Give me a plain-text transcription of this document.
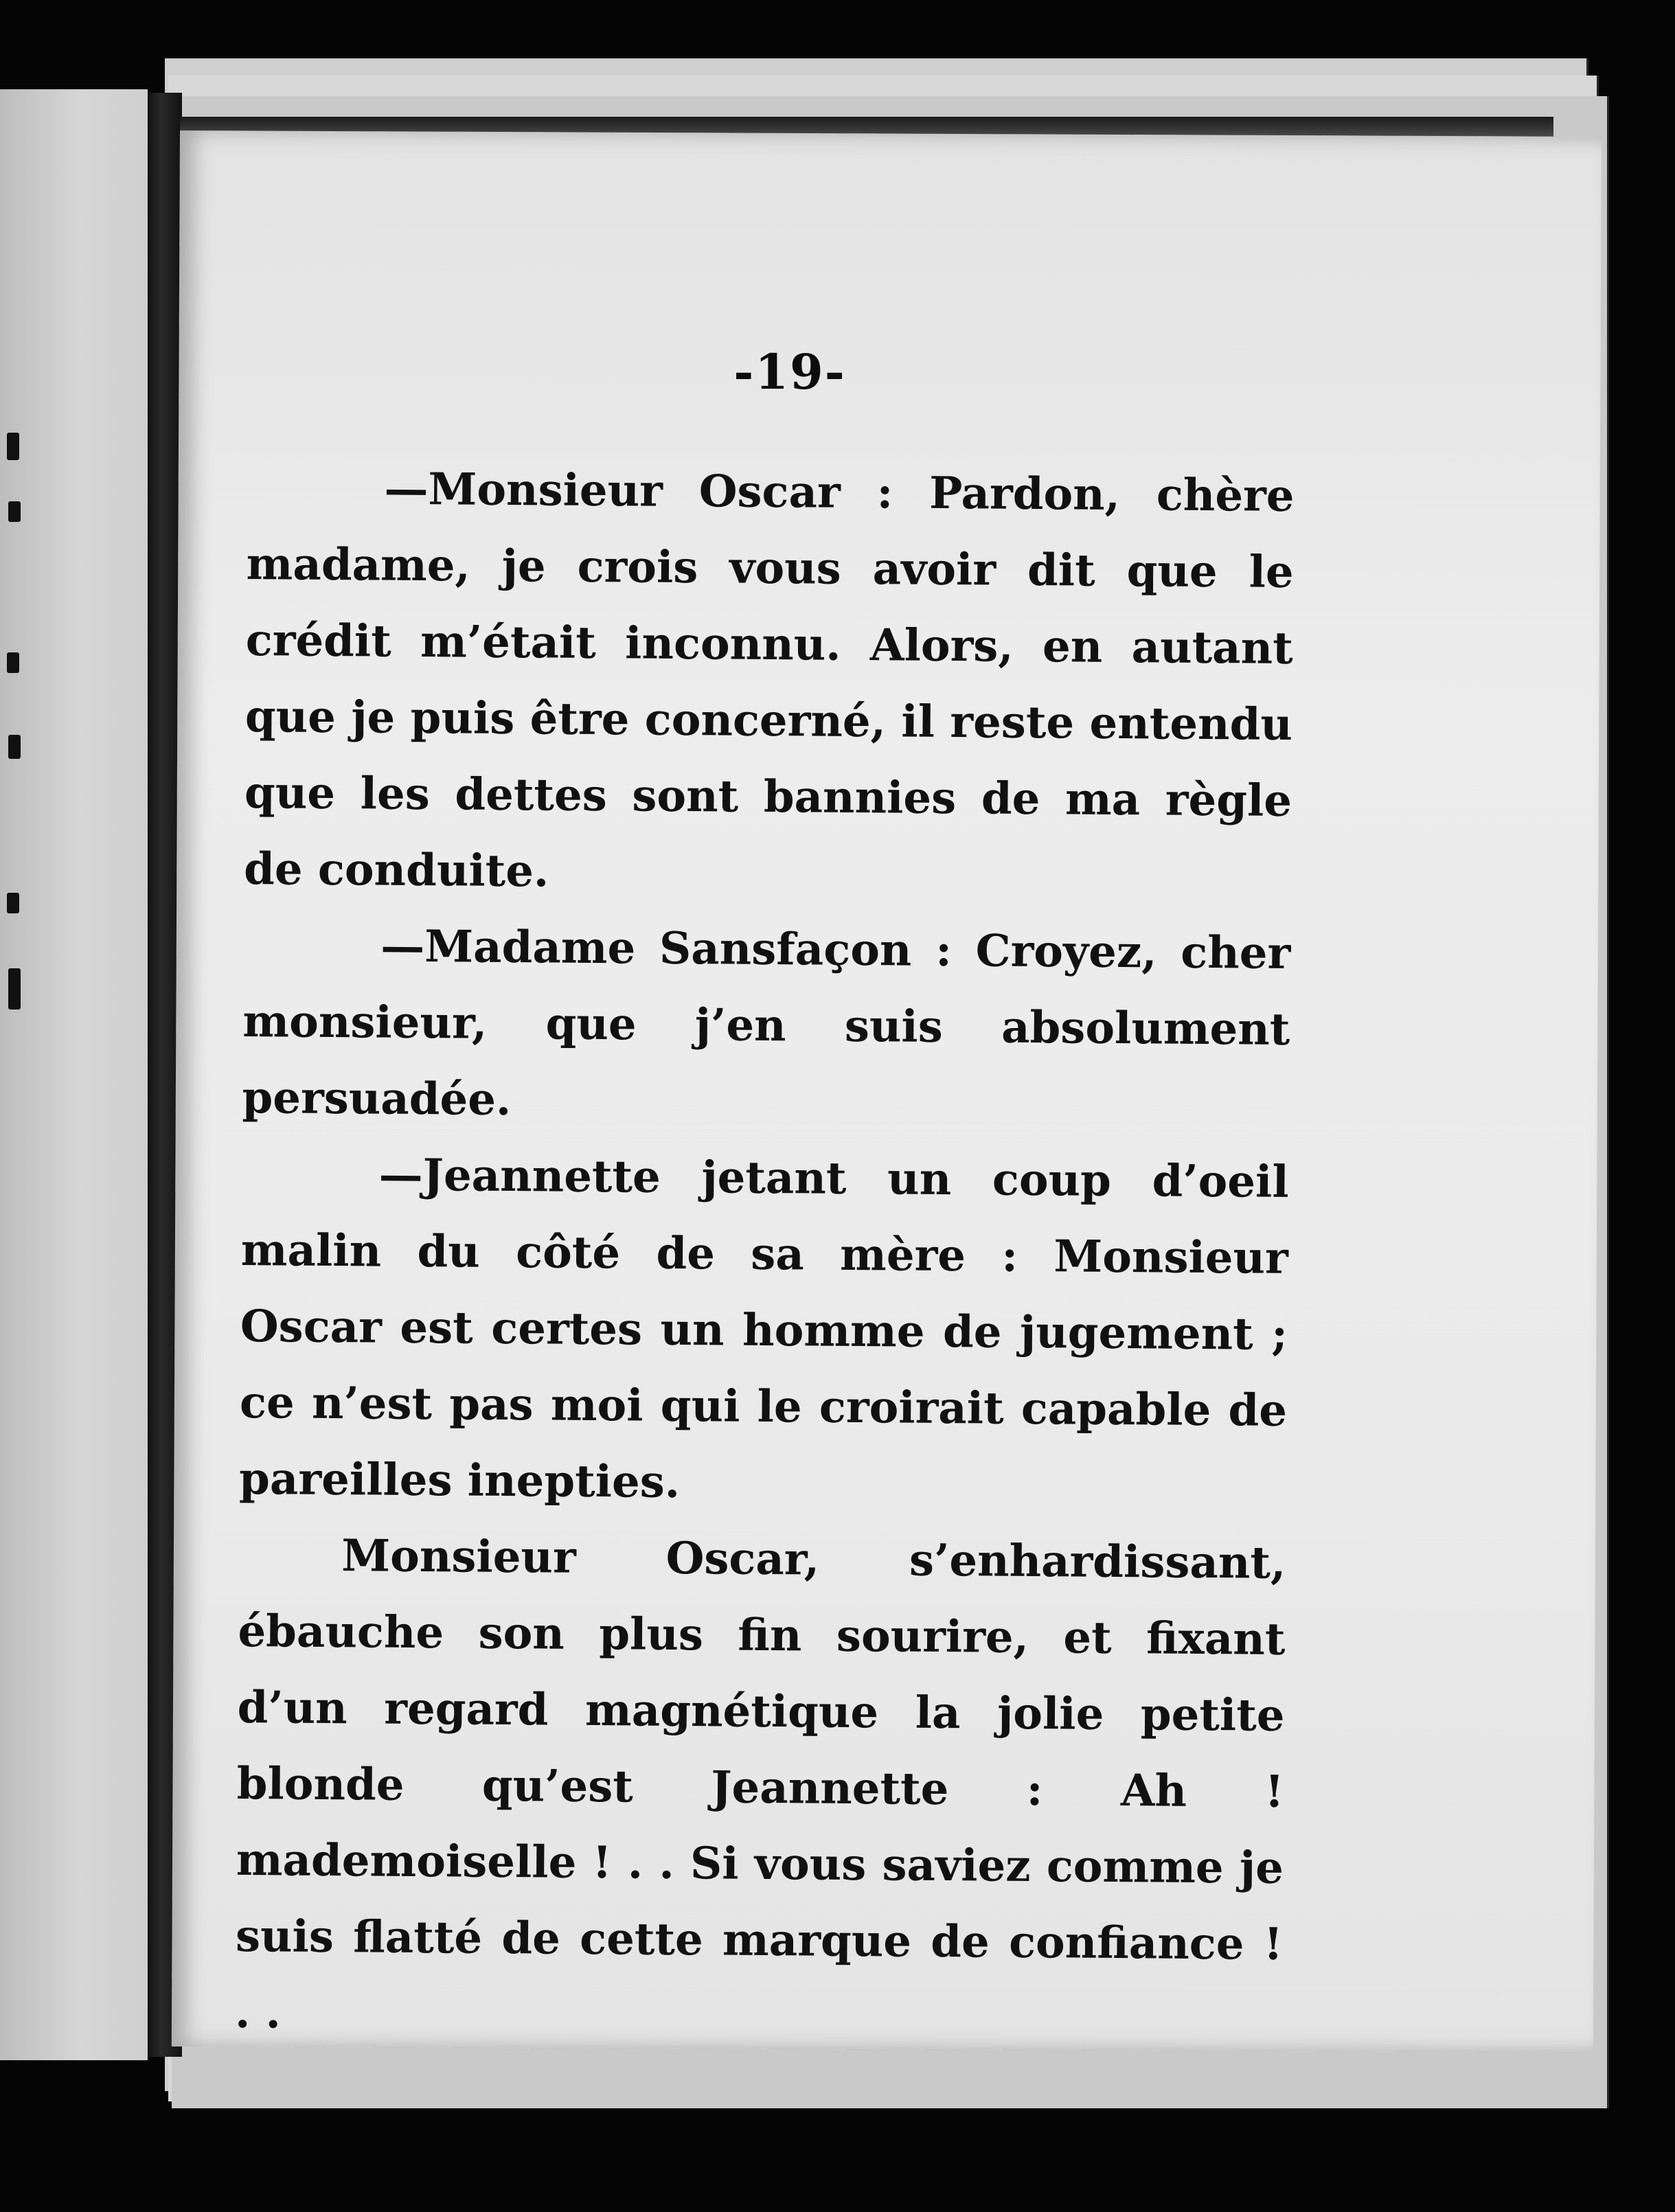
-19-

—Monsieur Oscar : Pardon, chère madame, je crois vous avoir dit que le crédit m’était inconnu. Alors, en autant que je puis être concerné, il reste entendu que les dettes sont bannies de ma règle de conduite.

—Madame Sansfaçon : Croyez, cher monsieur, que j’en suis absolument persuadée.

—Jeannette jetant un coup d’oeil malin du côté de sa mère : Monsieur Oscar est certes un homme de jugement ; ce n’est pas moi qui le croirait capable de pareilles inepties.

Monsieur Oscar, s’enhardissant, ébauche son plus fin sourire, et fixant d’un regard magnétique la jolie petite blonde qu’est Jeannette : Ah ! mademoiselle ! . . Si vous saviez comme je suis flatté de cette marque de confiance ! . .
